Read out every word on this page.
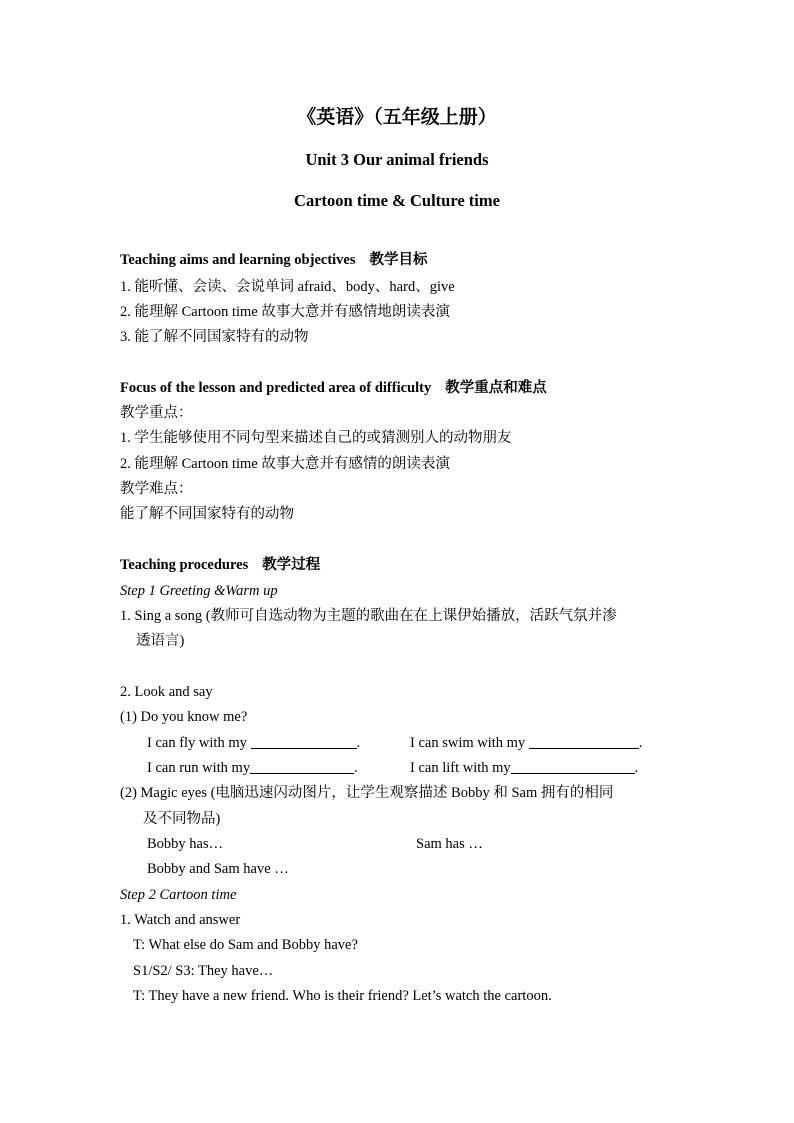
《英语》（五年级上册）
Unit 3 Our animal friends
Cartoon time & Culture time
Teaching aims and learning objectives 教学目标
1. 能听懂、会读、会说单词 afraid、body、hard、give
2. 能理解 Cartoon time 故事大意并有感情地朗读表演
3. 能了解不同国家特有的动物
Focus of the lesson and predicted area of difficulty 教学重点和难点
教学重点：
1. 学生能够使用不同句型来描述自己的或猜测别人的动物朋友
2. 能理解 Cartoon time 故事大意并有感情的朗读表演
教学难点：
能了解不同国家特有的动物
Teaching procedures 教学过程
Step 1 Greeting &Warm up
1. Sing a song (教师可自选动物为主题的歌曲在在上课伊始播放，活跃气氛并渗
透语言)
2. Look and say
(1) Do you know me?
I can fly with my	.	I can swim with my	.
I can run with my	.	I can lift with my	.
(2) Magic eyes (电脑迅速闪动图片，让学生观察描述 Bobby 和 Sam 拥有的相同
及不同物品)
Bobby has…	Sam has …
Bobby and Sam have …
Step 2 Cartoon time
1. Watch and answer
T: What else do Sam and Bobby have?
S1/S2/ S3: They have…
T: They have a new friend. Who is their friend? Let’s watch the cartoon.
